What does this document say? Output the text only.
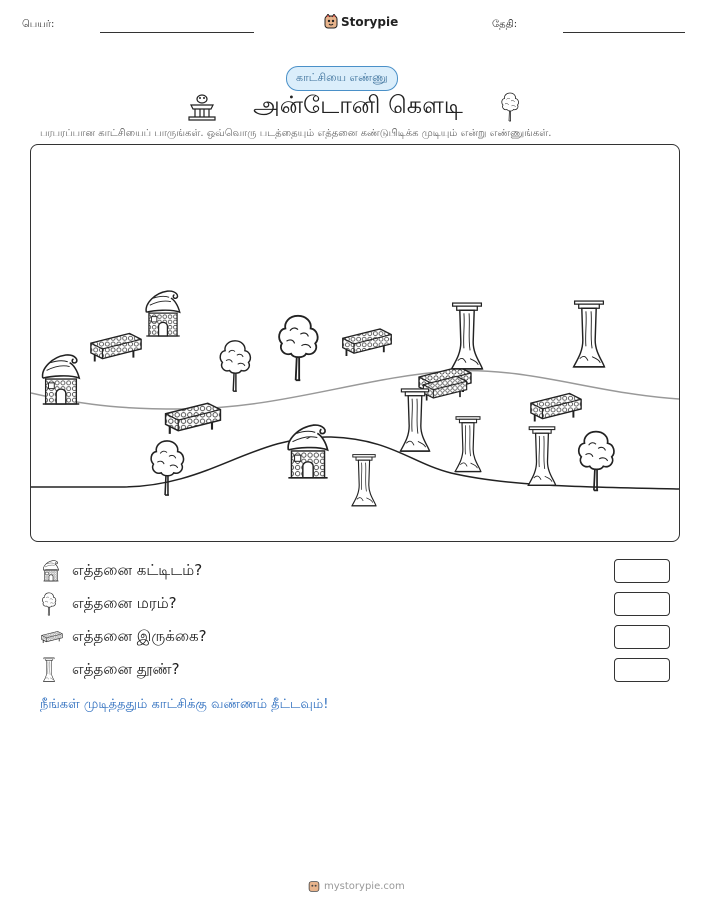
பெயர்:	Storypie	தேதி:
காட்சியை எண்ணு
அன்டோனி கௌடி
பரபரப்பான காட்சியைப் பாருங்கள். ஒவ்வொரு படத்தையும் எத்தனை கண்டுபிடிக்க முடியும் என்று எண்ணுங்கள்.
எத்தனை கட்டிடம்?
எத்தனை மரம்?
எத்தனை இருக்கை?
எத்தனை தூண்?
நீங்கள் முடித்ததும் காட்சிக்கு வண்ணம் தீட்டவும்!
mystorypie.com
